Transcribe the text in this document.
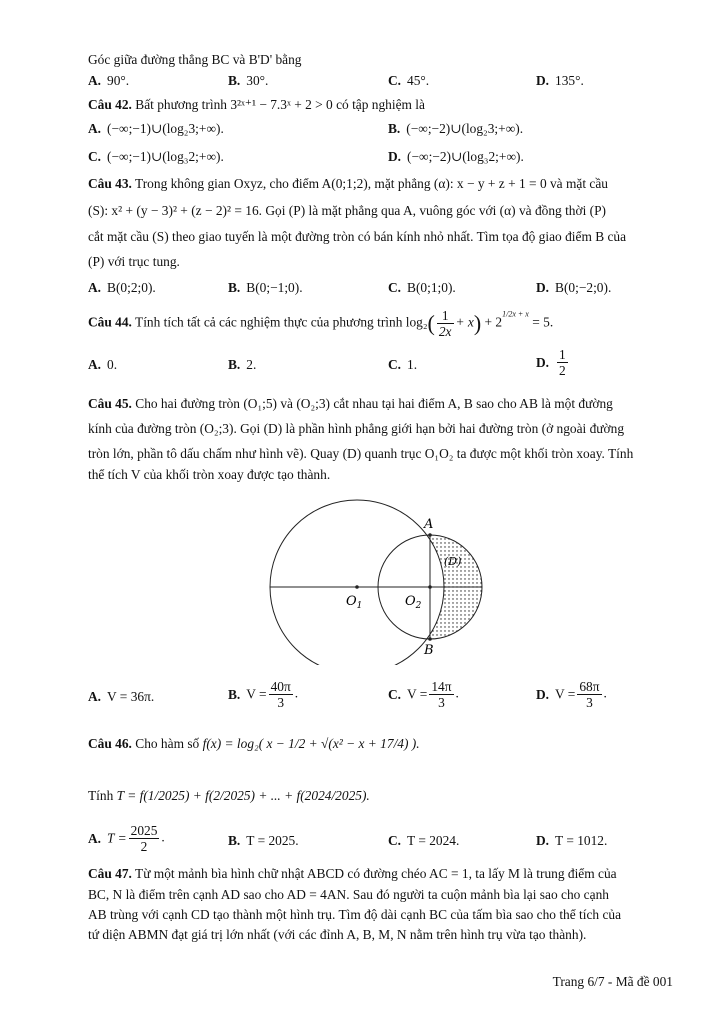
Góc giữa đường thẳng BC và B'D' bằng
A. 90°.	B. 30°.	C. 45°.	D. 135°.
Câu 42. Bất phương trình 3²ˣ⁺¹ − 7.3ˣ + 2 > 0 có tập nghiệm là
A. (−∞;−1)∪(log₂3;+∞).	B. (−∞;−2)∪(log₂3;+∞).
C. (−∞;−1)∪(log₃2;+∞).	D. (−∞;−2)∪(log₃2;+∞).
Câu 43. Trong không gian Oxyz, cho điểm A(0;1;2), mặt phẳng (α): x − y + z + 1 = 0 và mặt cầu
(S): x² + (y − 3)² + (z − 2)² = 16. Gọi (P) là mặt phẳng qua A, vuông góc với (α) và đồng thời (P)
cắt mặt cầu (S) theo giao tuyến là một đường tròn có bán kính nhỏ nhất. Tìm tọa độ giao điểm B của
(P) với trục tung.
A. B(0;2;0).	B. B(0;−1;0).	C. B(0;1;0).	D. B(0;−2;0).
Câu 44. Tính tích tất cả các nghiệm thực của phương trình $\log_2( \frac{1}{2x} + x) + 2^{1/2x + x} = 5$.
A. 0.	B. 2.	C. 1.	D. $\frac{1}{2}$
Câu 45. Cho hai đường tròn (O₁;5) và (O₂;3) cắt nhau tại hai điểm A, B sao cho AB là một đường
kính của đường tròn (O₂;3). Gọi (D) là phần hình phẳng giới hạn bởi hai đường tròn (ở ngoài đường
tròn lớn, phần tô dấu chấm như hình vẽ). Quay (D) quanh trục O₁O₂ ta được một khối tròn xoay. Tính
thể tích V của khối tròn xoay được tạo thành.
A
B
(D)
$O_1$	$O_2$
A. V = 36π.	B. $V = \frac{40\pi}{3}$ .	C. $V = \frac{14\pi}{3}$ .	D. $V = \frac{68\pi}{3}$ .
Câu 46. Cho hàm số f(x) = log₂( x − 1/2 + √(x² − x + 17/4) ).
Tính T = f(1/2025) + f(2/2025) + ... + f(2024/2025).
A. $T = \frac{2025}{2}$ .	B. T = 2025.	C. T = 2024.	D. T = 1012.
Câu 47. Từ một mảnh bìa hình chữ nhật ABCD có đường chéo AC = 1, ta lấy M là trung điểm của
BC, N là điểm trên cạnh AD sao cho AD = 4AN. Sau đó người ta cuộn mảnh bìa lại sao cho cạnh
AB trùng với cạnh CD tạo thành một hình trụ. Tìm độ dài cạnh BC của tấm bìa sao cho thể tích của
tứ diện ABMN đạt giá trị lớn nhất (với các đỉnh A, B, M, N nằm trên hình trụ vừa tạo thành).
Trang 6/7 - Mã đề 001
